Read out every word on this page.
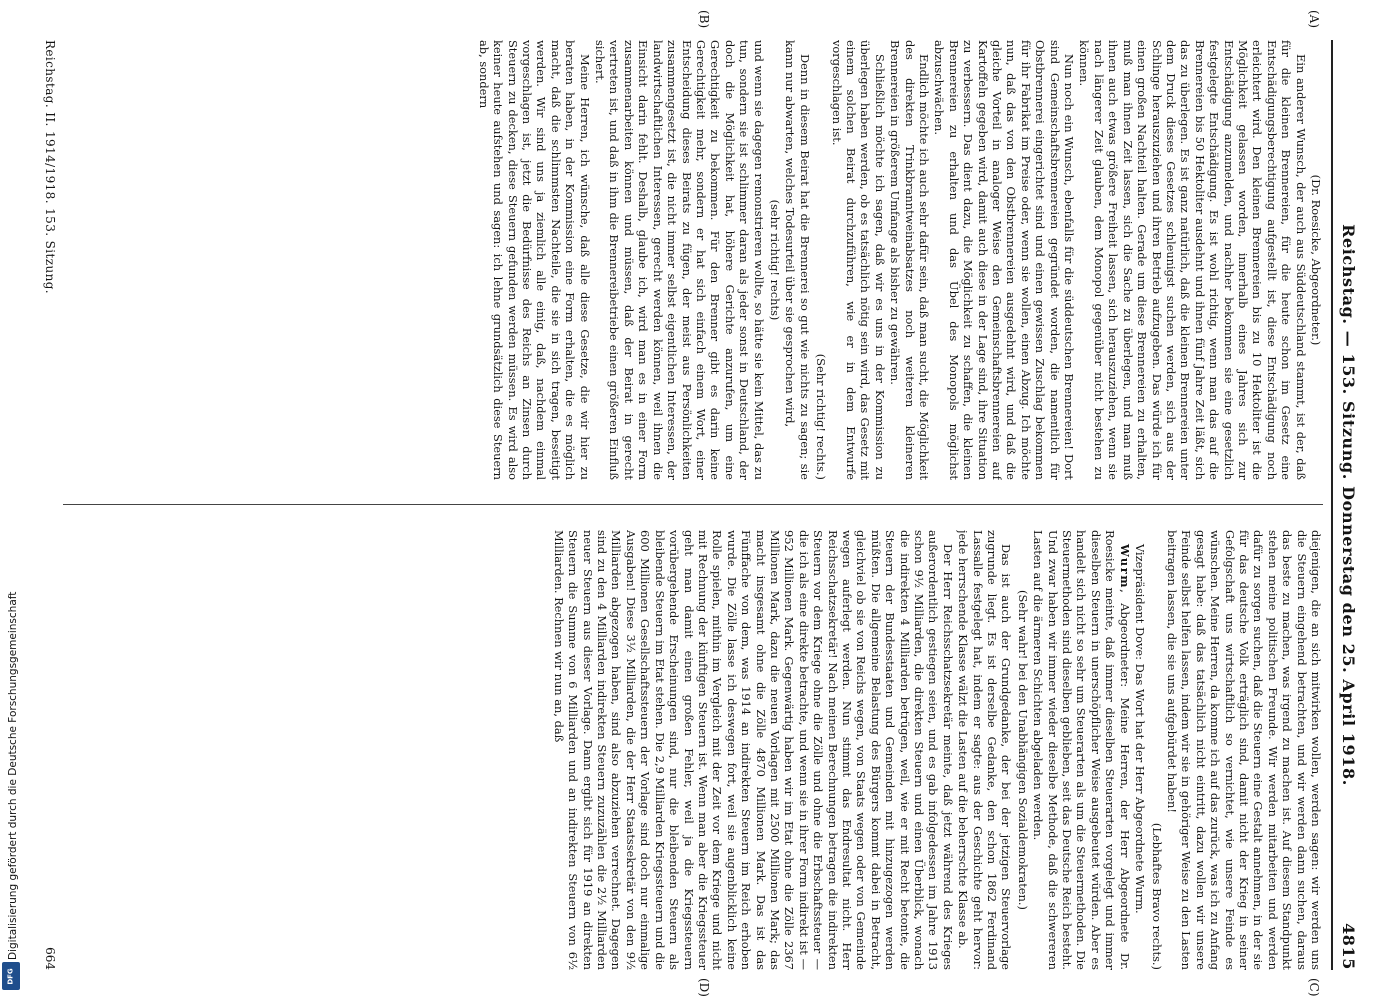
Reichstag. — 153. Sitzung. Donnerstag den 25. April 1918.
4815
(A)
(B)
(C)
(D)

(Dr. Roesicke, Abgeordneter.)

Ein anderer Wunsch, der auch aus Süddeutschland stammt, ist der, daß für die kleinen Brennereien, für die heute schon im Gesetz eine Entschädigungsberechtigung aufgestellt ist, diese Entschädigung noch erleichtert wird. Den kleinen Brennereien bis zu 10 Hektoliter ist die Möglichkeit gelassen worden, innerhalb eines Jahres sich zur Entschädigung anzumelden, und nachher bekommen sie eine gesetzlich festgelegte Entschädigung. Es ist wohl richtig, wenn man das auf die Brennereien bis 50 Hektoliter ausdehnt und ihnen fünf Jahre Zeit läßt, sich das zu überlegen. Es ist ganz natürlich, daß die kleinen Brennereien unter dem Druck dieses Gesetzes schleunigst suchen werden, sich aus der Schlinge herauszuziehen und ihren Betrieb aufzugeben. Das würde ich für einen großen Nachteil halten. Gerade um diese Brennereien zu erhalten, muß man ihnen Zeit lassen, sich die Sache zu überlegen, und man muß ihnen auch etwas größere Freiheit lassen, sich herauszuziehen, wenn sie nach längerer Zeit glauben, dem Monopol gegenüber nicht bestehen zu können.

Nun noch ein Wunsch, ebenfalls für die süddeutschen Brennereien! Dort sind Gemeinschaftsbrennereien gegründet worden, die namentlich für Obstbrennerei eingerichtet sind und einen gewissen Zuschlag bekommen für ihr Fabrikat im Preise oder, wenn sie wollen, einen Abzug. Ich möchte nun, daß das von den Obstbrennereien ausgedehnt wird, und daß die gleiche Vorteil in analoger Weise den Gemeinschaftsbrennereien auf Kartoffeln gegeben wird, damit auch diese in der Lage sind, ihre Situation zu verbessern. Das dient dazu, die Möglichkeit zu schaffen, die kleinen Brennereien zu erhalten und das Übel des Monopols möglichst abzuschwächen.

Endlich möchte ich auch sehr dafür sein, daß man sucht, die Möglichkeit des direkten Trinkbranntweinabsatzes noch weiteren kleineren Brennereien in größerem Umfange als bisher zu gewähren.

Schließlich möchte ich sagen, daß wir es uns in der Kommission zu überlegen haben werden, ob es tatsächlich nötig sein wird, das Gesetz mit einem solchen Beirat durchzuführen, wie er in dem Entwurfe vorgeschlagen ist.

(Sehr richtig! rechts.)

Denn in diesem Beirat hat die Brennerei so gut wie nichts zu sagen; sie kann nur abwarten, welches Todesurteil über sie gesprochen wird,

(sehr richtig! rechts)

und wenn sie dagegen remonstrieren wollte, so hätte sie kein Mittel, das zu tun, sondern sie ist schlimmer daran als jeder sonst in Deutschland, der doch die Möglichkeit hat, höhere Gerichte anzurufen, um eine Gerechtigkeit zu bekommen. Für den Brenner gibt es darin keine Gerechtigkeit mehr, sondern er hat sich einfach einem Wort, einer Entscheidung dieses Beirats zu fügen, der meist aus Persönlichkeiten zusammengesetzt ist, die nicht immer selbst eigentlichen Interessen, der landwirtschaftlichen Interessen, gerecht werden können, weil ihnen die Einsicht darin fehlt. Deshalb, glaube ich, wird man es in einer Form zusammenarbeiten können und müssen, daß der Beirat in gerecht vertreten ist, und daß in ihm die Brennereibetriebe einen größeren Einfluß sichert.

Meine Herren, ich wünsche, daß alle diese Gesetze, die wir hier zu beraten haben, in der Kommission eine Form erhalten, die es möglich macht, daß die schlimmsten Nachteile, die sie in sich tragen, beseitigt werden. Wir sind uns ja ziemlich alle einig, daß, nachdem einmal vorgeschlagen ist, jetzt die Bedürfnisse des Reichs an Zinsen durch Steuern zu decken, diese Steuern gefunden werden müssen. Es wird also keiner heute aufstehen und sagen: ich lehne grundsätzlich diese Steuern ab, sondern

diejenigen, die an sich mitwirken wollen, werden sagen: wir werden uns die Steuern eingehend betrachten, und wir werden dann suchen, daraus das beste zu machen, was irgend zu machen ist. Auf diesem Standpunkt stehen meine politischen Freunde. Wir werden mitarbeiten und werden dafür zu sorgen suchen, daß die Steuern eine Gestalt annehmen, in der sie für das deutsche Volk erträglich sind, damit nicht der Krieg in seiner Gefolgschaft uns wirtschaftlich so vernichtet, wie unsere Feinde es wünschen. Meine Herren, da komme ich auf das zurück, was ich zu Anfang gesagt habe: daß das tatsächlich nicht eintritt, dazu wollen wir unsere Feinde selbst helfen lassen, indem wir sie in gehöriger Weise zu den Lasten beitragen lassen, die sie uns aufgebürdet haben!

(Lebhaftes Bravo rechts.)

Vizepräsident Dove: Das Wort hat der Herr Abgeordnete Wurm.

Wurm, Abgeordneter: Meine Herren, der Herr Abgeordnete Dr. Roesicke meinte, daß immer dieselben Steuerarten vorgelegt und immer dieselben Steuern in unerschöpflicher Weise ausgebeutet würden. Aber es handelt sich nicht so sehr um Steuerarten als um die Steuermethoden. Die Steuermethoden sind dieselben geblieben, seit das Deutsche Reich besteht. Und zwar haben wir immer wieder dieselbe Methode, daß die schwereren Lasten auf die ärmeren Schichten abgeladen werden.

(Sehr wahr! bei den Unabhängigen Sozialdemokraten.)

Das ist auch der Grundgedanke, der bei der jetzigen Steuervorlage zugrunde liegt. Es ist derselbe Gedanke, den schon 1862 Ferdinand Lassalle festgelegt hat, indem er sagte: aus der Geschichte geht hervor: jede herrschende Klasse wälzt die Lasten auf die beherrschte Klasse ab.

Der Herr Reichsschatzsekretär meinte, daß jetzt während des Krieges außerordentlich gestiegen seien, und es gab infolgedessen im Jahre 1913 schon 9½ Milliarden, die direkten Steuern und einen Überblick, wonach die indirekten 4 Milliarden betrügen, weil, wie er mit Recht betonte, die Steuern der Bundesstaaten und Gemeinden mit hinzugezogen werden müßten. Die allgemeine Belastung des Bürgers kommt dabei in Betracht, gleichviel ob sie von Reichs wegen, von Staats wegen oder von Gemeinde wegen auferlegt werden. Nun stimmt das Endresultat nicht. Herr Reichsschatzsekretär! Nach meinen Berechnungen betragen die indirekten Steuern vor dem Kriege ohne die Zölle und ohne die Erbschaftssteuer — die ich als eine direkte betrachte, und wenn sie in ihrer Form indirekt ist — 952 Millionen Mark. Gegenwärtig haben wir im Etat ohne die Zölle 2367 Millionen Mark, dazu die neuen Vorlagen mit 2500 Millionen Mark; das macht insgesamt ohne die Zölle 4870 Millionen Mark. Das ist das Fünffache von dem, was 1914 an indirekten Steuern im Reich erhoben wurde. Die Zölle lasse ich deswegen fort, weil sie augenblicklich keine Rolle spielen, mithin im Vergleich mit der Zeit vor dem Kriege und nicht mit Rechnung der künftigen Steuern ist. Wenn man aber die Kriegssteuer geht man damit einen großen Fehler, weil ja die Kriegssteuern vorübergehende Erscheinungen sind, nur die bleibenden Steuern als bleibende Steuern im Etat stehen. Die 2,9 Milliarden Kriegssteuern und die 600 Millionen Gesellschaftssteuern der Vorlage sind doch nur einmalige Ausgaben! Diese 3½ Milliarden, die der Herr Staatssekretär von den 9½ Milliarden abgezogen haben, sind also abzuziehen verrechnet. Dagegen sind zu den 4 Milliarden indirekten Steuern zuzuzählen die 2½ Milliarden neuer Steuern aus dieser Vorlage. Dann ergibt sich für 1919 an direkten Steuern die Summe von 6 Milliarden und an indirekten Steuern von 6½ Milliarden. Rechnen wir nun an, daß

Reichstag. II. 1914/1918. 153. Sitzung.
664
Digitalisierung gefördert durch die Deutsche Forschungsgemeinschaft
DFG
